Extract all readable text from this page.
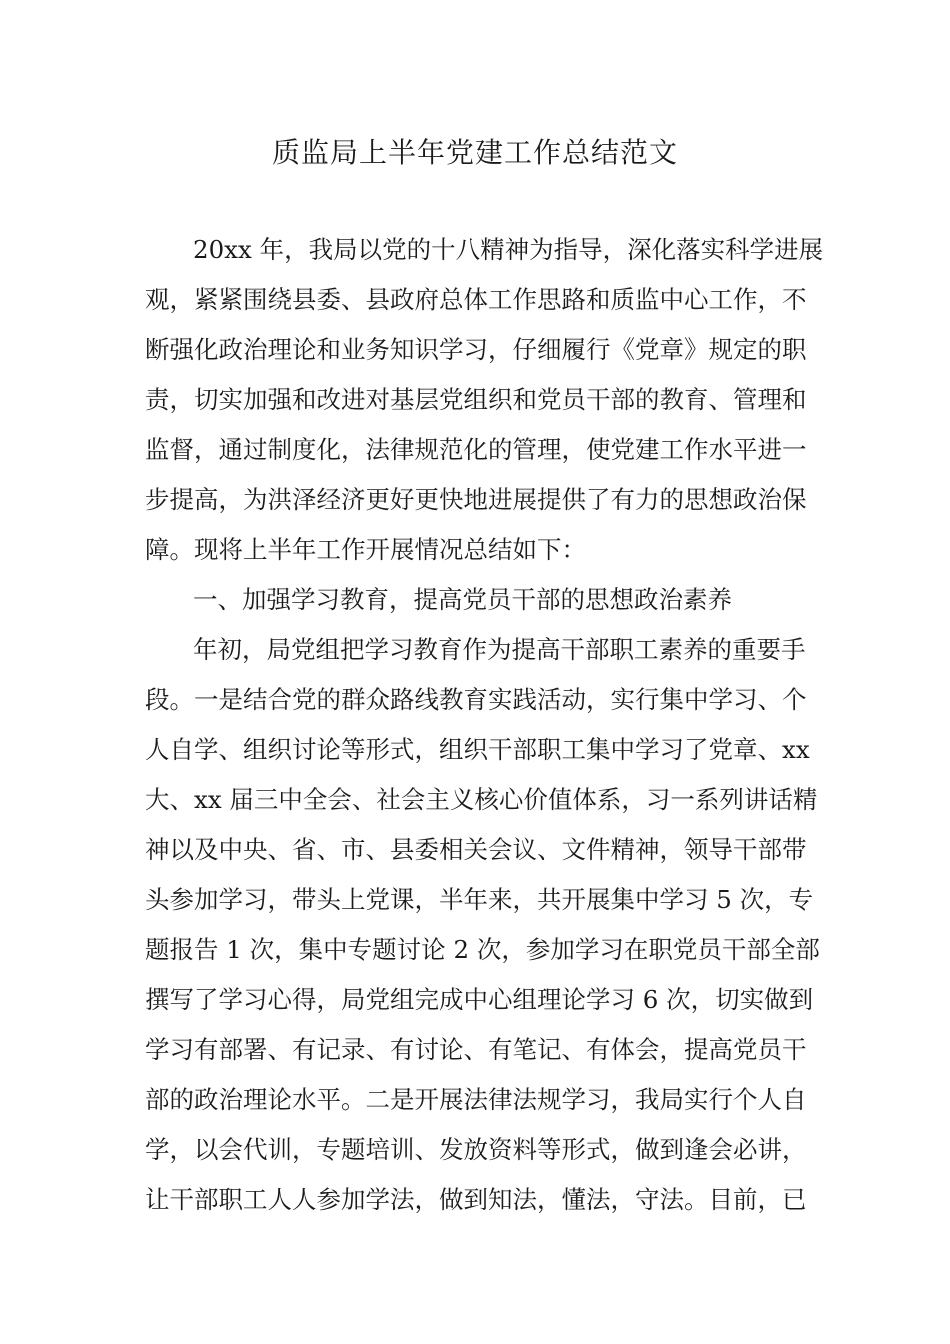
质监局上半年党建工作总结范文
20xx 年，我局以党的十八精神为指导，深化落实科学进展
观，紧紧围绕县委、县政府总体工作思路和质监中心工作，不
断强化政治理论和业务知识学习，仔细履行《党章》规定的职
责，切实加强和改进对基层党组织和党员干部的教育、管理和
监督，通过制度化，法律规范化的管理，使党建工作水平进一
步提高，为洪泽经济更好更快地进展提供了有力的思想政治保
障。现将上半年工作开展情况总结如下：
一、加强学习教育，提高党员干部的思想政治素养
年初，局党组把学习教育作为提高干部职工素养的重要手
段。一是结合党的群众路线教育实践活动，实行集中学习、个
人自学、组织讨论等形式，组织干部职工集中学习了党章、xx
大、xx 届三中全会、社会主义核心价值体系，习一系列讲话精
神以及中央、省、市、县委相关会议、文件精神，领导干部带
头参加学习，带头上党课，半年来，共开展集中学习 5 次，专
题报告 1 次，集中专题讨论 2 次，参加学习在职党员干部全部
撰写了学习心得，局党组完成中心组理论学习 6 次，切实做到
学习有部署、有记录、有讨论、有笔记、有体会，提高党员干
部的政治理论水平。二是开展法律法规学习，我局实行个人自
学，以会代训，专题培训、发放资料等形式，做到逢会必讲，
让干部职工人人参加学法，做到知法，懂法，守法。目前，已
